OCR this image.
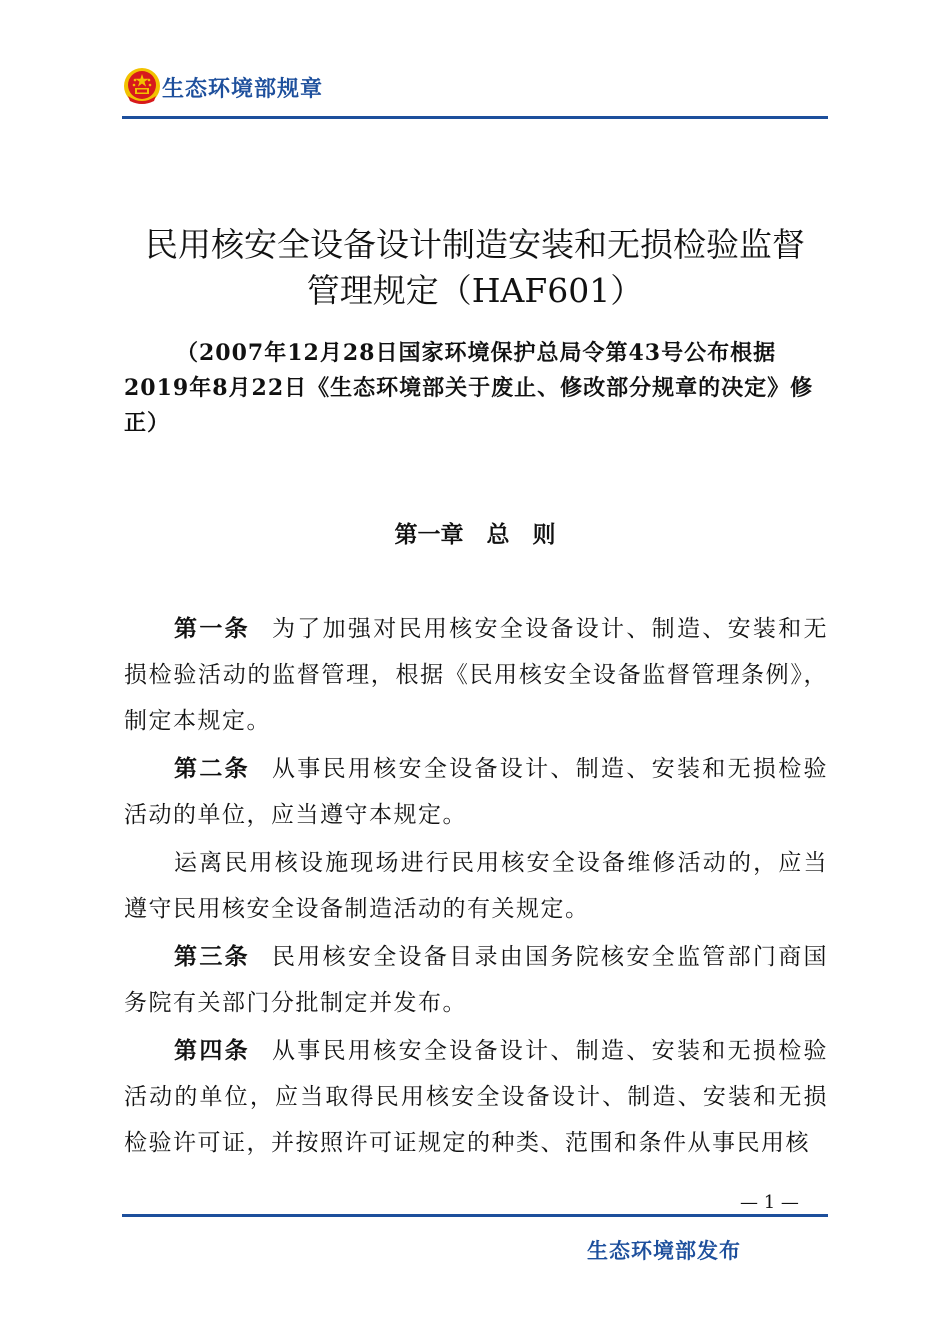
生态环境部规章
民用核安全设备设计制造安装和无损检验监督
管理规定（HAF601）

（2007年12月28日国家环境保护总局令第43号公布根据2019年8月22日《生态环境部关于废止、修改部分规章的决定》修正）

第一章　总　则

第一条 为了加强对民用核安全设备设计、制造、安装和无损检验活动的监督管理，根据《民用核安全设备监督管理条例》，制定本规定。

第二条 从事民用核安全设备设计、制造、安装和无损检验活动的单位，应当遵守本规定。

运离民用核设施现场进行民用核安全设备维修活动的，应当遵守民用核安全设备制造活动的有关规定。

第三条 民用核安全设备目录由国务院核安全监管部门商国务院有关部门分批制定并发布。

第四条 从事民用核安全设备设计、制造、安装和无损检验活动的单位，应当取得民用核安全设备设计、制造、安装和无损检验许可证，并按照许可证规定的种类、范围和条件从事民用核

— 1 —
生态环境部发布
